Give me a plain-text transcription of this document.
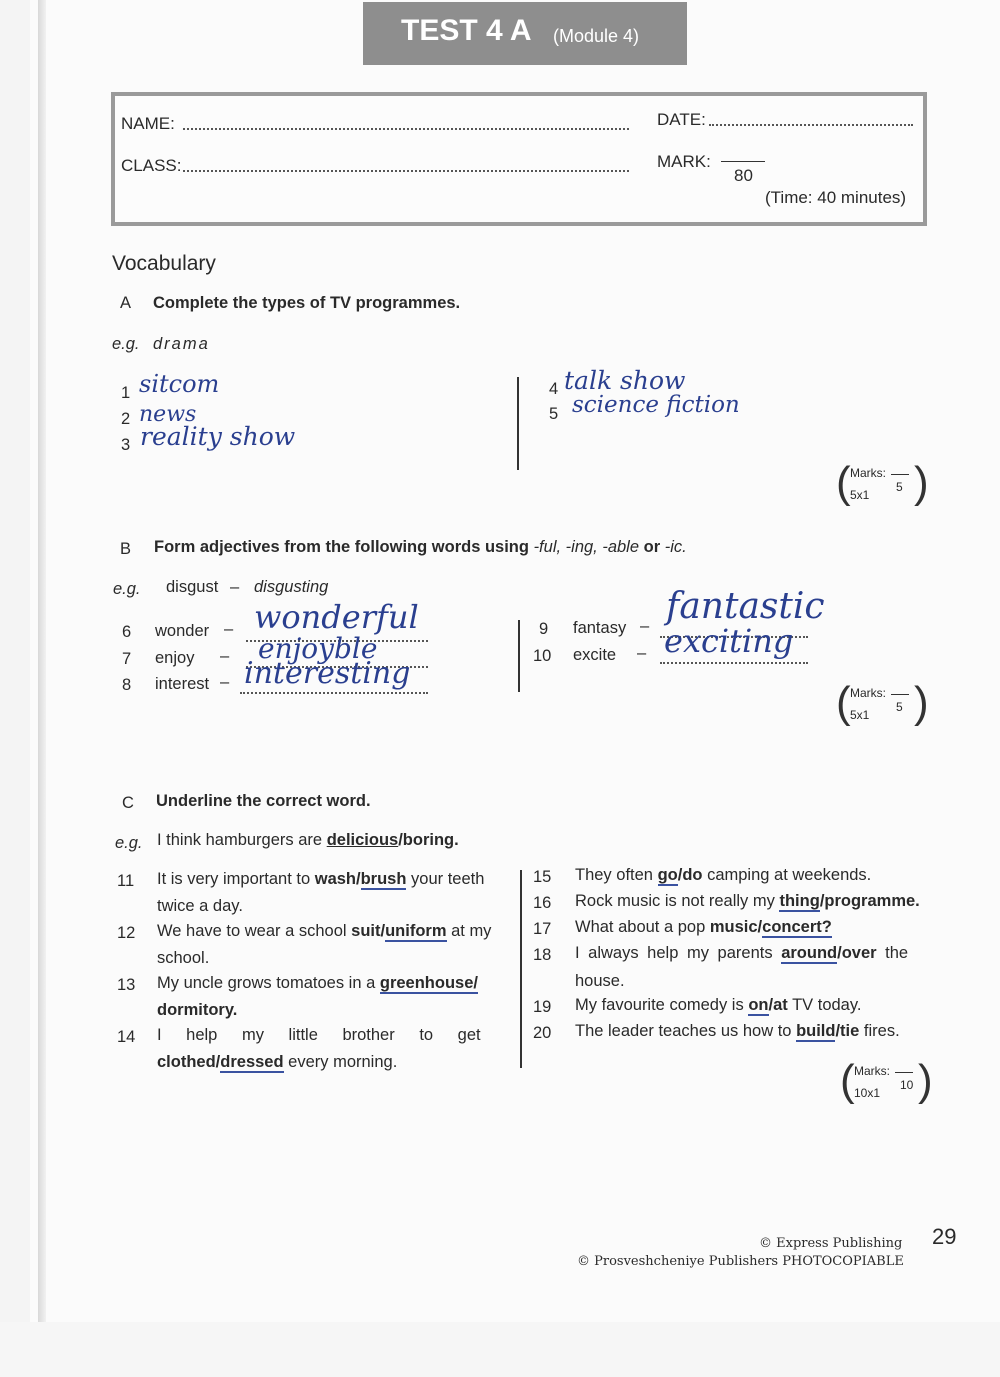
TEST 4 A (Module 4)
NAME:	DATE:
CLASS:	MARK:
80
(Time: 40 minutes)
Vocabulary
A Complete the types of TV programmes.
e.g. drama
1 sitcom
2 news
3 reality show
4 talk show
5 science fiction
( Marks:
5x1
5 )
B Form adjectives from the following words using -ful, -ing, -able or -ic.
e.g. disgust – disgusting
6 wonder – wonderful
7 enjoy – enjoyble
8 interest – interesting
9 fantasy – fantastic
10 excite – exciting
( Marks:
5x1
5 )
C Underline the correct word.
e.g. I think hamburgers are delicious/boring.
11 It is very important to wash/brush your teeth
twice a day.
12 We have to wear a school suit/uniform at my
school.
13 My uncle grows tomatoes in a greenhouse/
dormitory.
14 I help my little brother to get
clothed/dressed every morning.
15 They often go/do camping at weekends.
16 Rock music is not really my thing/programme.
17 What about a pop music/concert?
18 I always help my parents around/over the
house.
19 My favourite comedy is on/at TV today.
20 The leader teaches us how to build/tie fires.
( Marks:
10x1
10 )
© Express Publishing
© Prosveshcheniye Publishers PHOTOCOPIABLE
29
